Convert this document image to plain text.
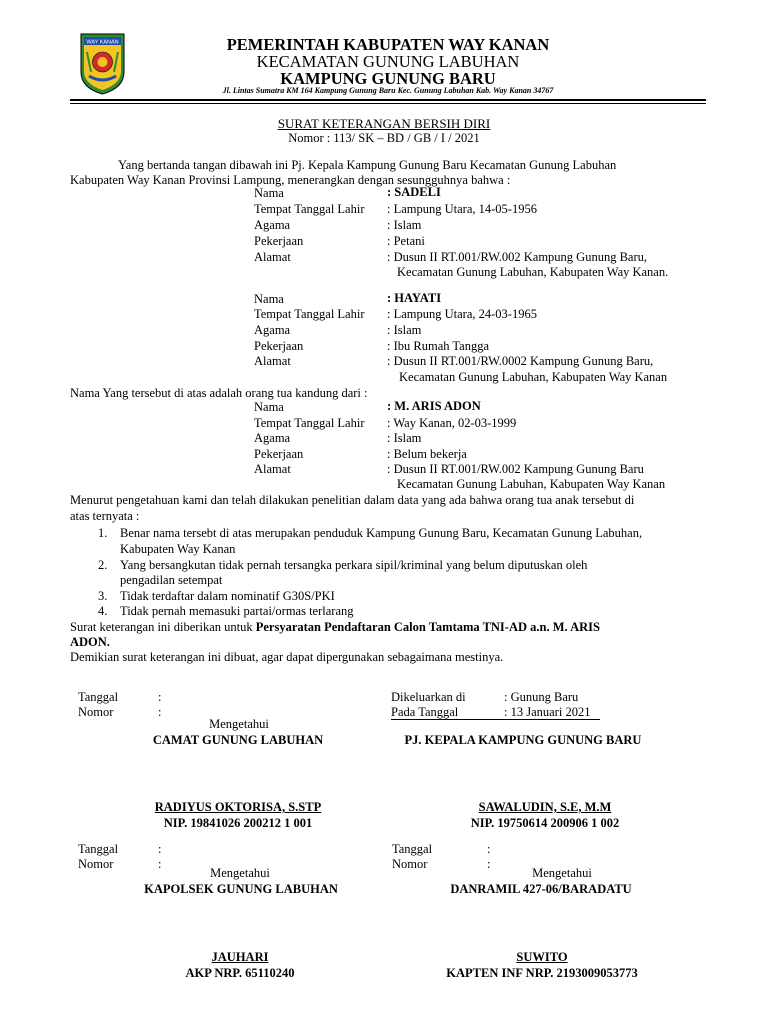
WAY KANAN	PEMERINTAH KABUPATEN WAY KANAN
KECAMATAN GUNUNG LABUHAN
KAMPUNG GUNUNG BARU
Jl. Lintas Sumatra KM 164 Kampung Gunung Baru Kec. Gunung Labuhan Kab. Way Kanan 34767
SURAT KETERANGAN BERSIH DIRI
Nomor : 113/ SK – BD / GB / I / 2021
Yang bertanda tangan dibawah ini Pj. Kepala Kampung Gunung Baru Kecamatan Gunung Labuhan
Kabupaten Way Kanan Provinsi Lampung, menerangkan dengan sesungguhnya bahwa :
Nama	: SADELI
Tempat Tanggal Lahir : Lampung Utara, 14-05-1956
Agama	: Islam
Pekerjaan	: Petani
Alamat	: Dusun II RT.001/RW.002 Kampung Gunung Baru,
Kecamatan Gunung Labuhan, Kabupaten Way Kanan.
Nama	: HAYATI
Tempat Tanggal Lahir : Lampung Utara, 24-03-1965
Agama	: Islam
Pekerjaan	: Ibu Rumah Tangga
Alamat	: Dusun II RT.001/RW.0002 Kampung Gunung Baru,
Kecamatan Gunung Labuhan, Kabupaten Way Kanan
Nama Yang tersebut di atas adalah orang tua kandung dari :
Nama	: M. ARIS ADON
Tempat Tanggal Lahir : Way Kanan, 02-03-1999
Agama	: Islam
Pekerjaan	: Belum bekerja
Alamat	: Dusun II RT.001/RW.002 Kampung Gunung Baru
Kecamatan Gunung Labuhan, Kabupaten Way Kanan
Menurut pengetahuan kami dan telah dilakukan penelitian dalam data yang ada bahwa orang tua anak tersebut di
atas ternyata :
1. Benar nama tersebt di atas merupakan penduduk Kampung Gunung Baru, Kecamatan Gunung Labuhan,
Kabupaten Way Kanan
2. Yang bersangkutan tidak pernah tersangka perkara sipil/kriminal yang belum diputuskan oleh
pengadilan setempat
3. Tidak terdaftar dalam nominatif G30S/PKI
4. Tidak pernah memasuki partai/ormas terlarang
Surat keterangan ini diberikan untuk Persyaratan Pendaftaran Calon Tamtama TNI-AD a.n. M. ARIS
ADON.
Demikian surat keterangan ini dibuat, agar dapat dipergunakan sebagaimana mestinya.
Tanggal	:
Nomor	:
Dikeluarkan di	: Gunung Baru
Pada Tanggal	: 13 Januari 2021
Mengetahui
CAMAT GUNUNG LABUHAN	PJ. KEPALA KAMPUNG GUNUNG BARU
RADIYUS OKTORISA, S.STP
NIP. 19841026 200212 1 001
SAWALUDIN, S.E, M.M
NIP. 19750614 200906 1 002
Tanggal	:
Nomor	:
Tanggal	:
Nomor	:
Mengetahui	Mengetahui
KAPOLSEK GUNUNG LABUHAN	DANRAMIL 427-06/BARADATU
JAUHARI
AKP NRP. 65110240
SUWITO
KAPTEN INF NRP. 2193009053773
